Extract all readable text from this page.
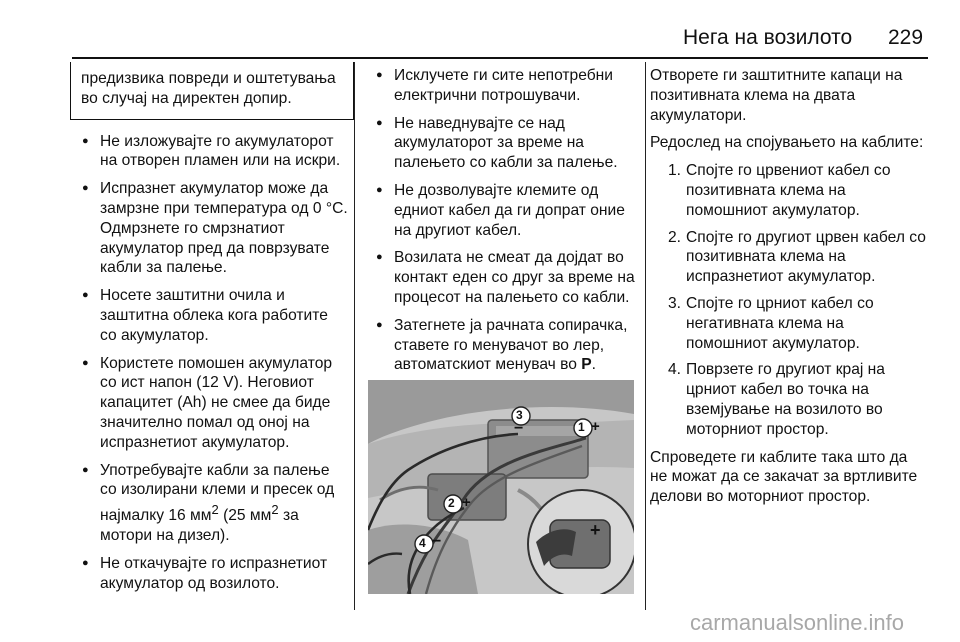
Нега на возилото 229
предизвика повреди и оштетувања во случај на директен допир.
● Не изложувајте го акумулаторот на отворен пламен или на искри.
● Испразнет акумулатор може да замрзне при температура од 0 °C. Одмрзнете го смрзнатиот акумулатор пред да поврзувате кабли за палење.
● Носете заштитни очила и заштитна облека кога работите со акумулатор.
● Користете помошен акумулатор со ист напон (12 V). Неговиот капацитет (Ah) не смее да биде значително помал од оној на испразнетиот акумулатор.
● Употребувајте кабли за палење со изолирани клеми и пресек од најмалку 16 $мм^2$ (25 $мм^2$ за мотори на дизел).
● Не откачувајте го испразнетиот акумулатор од возилото.
● Исклучете ги сите непотребни електрични потрошувачи.
● Не наведнувајте се над акумулаторот за време на палењето со кабли за палење.
● Не дозволувајте клемите од едниот кабел да ги допрат оние на другиот кабел.
● Возилата не смеат да дојдат во контакт еден со друг за време на процесот на палењето со кабли.
● Затегнете ја рачната сопирачка, ставете го менувачот во лер, автоматскиот менувач во P.
1 +
3
−
2 +
4 −
+

Отворете ги заштитните капаци на позитивната клема на двата акумулатори.

Редослед на спојувањето на каблите:

1. Спојте го црвениот кабел со позитивната клема на помошниот акумулатор.
2. Спојте го другиот црвен кабел со позитивната клема на испразнетиот акумулатор.
3. Спојте го црниот кабел со негативната клема на помошниот акумулатор.
4. Поврзете го другиот крај на црниот кабел во точка на вземјување на возилото во моторниот простор.

Спроведете ги каблите така што да не можат да се закачат за вртливите делови во моторниот простор.

carmanualsonline.info
